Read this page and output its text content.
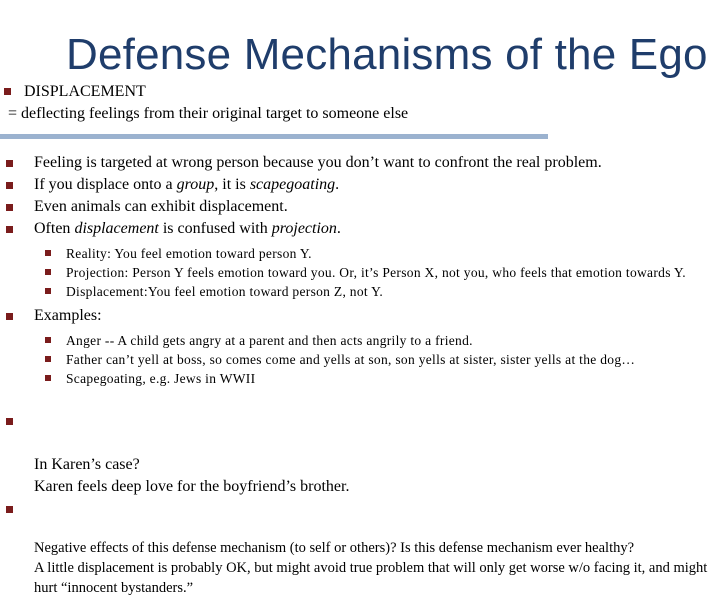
Defense Mechanisms of the Ego
DISPLACEMENT
= deflecting feelings from their original target to someone else
Feeling is targeted at wrong person because you don’t want to confront the real problem.
If you displace onto a group, it is scapegoating.
Even animals can exhibit displacement.
Often displacement is confused with projection.
Reality: You feel emotion toward person Y.
Projection: Person Y feels emotion toward you. Or, it’s Person X, not you, who feels that emotion towards Y.
Displacement:You feel emotion toward person Z, not Y.
Examples:
Anger -- A child gets angry at a parent and then acts angrily to a friend.
Father can’t yell at boss, so comes come and yells at son, son yells at sister, sister yells at the dog…
Scapegoating, e.g. Jews in WWII

In Karen’s case?
Karen feels deep love for the boyfriend’s brother.

Negative effects of this defense mechanism (to self or others)? Is this defense mechanism ever healthy?
A little displacement is probably OK, but might avoid true problem that will only get worse w/o facing it, and might hurt “innocent bystanders.”
